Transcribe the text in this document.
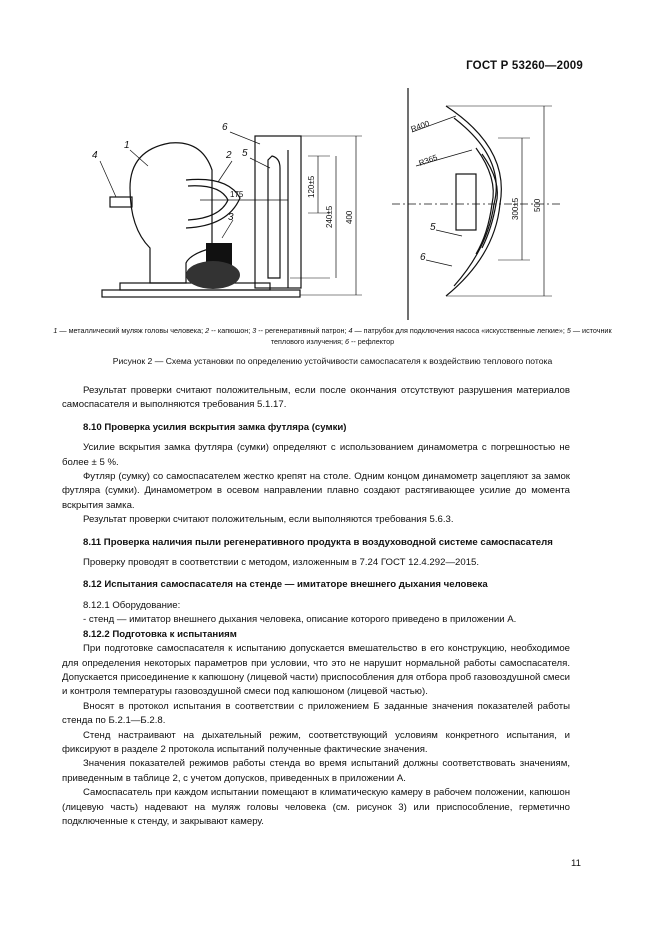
ГОСТ Р 53260—2009
4
1
2
3
5
6
5
6
175	120±5
240±5 400
R400
R365
300±5 500
1 — металлический муляж головы человека; 2 -- капюшон; 3 -- регенеративный патрон; 4 — патрубок для подключения насоса «искусственные легкие»; 5 — источник теплового излучения; 6 -- рефлектор
Рисунок 2 — Схема установки по определению устойчивости самоспасателя к воздействию теплового потока

Результат проверки считают положительным, если после окончания отсутствуют разрушения материалов самоспасателя и выполняются требования 5.1.17.

8.10 Проверка усилия вскрытия замка футляра (сумки)

Усилие вскрытия замка футляра (сумки) определяют с использованием динамометра с погрешностью не более ± 5 %.

Футляр (сумку) со самоспасателем жестко крепят на столе. Одним концом динамометр зацепляют за замок футляра (сумки). Динамометром в осевом направлении плавно создают растягивающее усилие до момента вскрытия замка.

Результат проверки считают положительным, если выполняются требования 5.6.3.

8.11 Проверка наличия пыли регенеративного продукта в воздуховодной системе самоспасателя

Проверку проводят в соответствии с методом, изложенным в 7.24 ГОСТ 12.4.292—2015.

8.12 Испытания самоспасателя на стенде — имитаторе внешнего дыхания человека

8.12.1 Оборудование:

- стенд — имитатор внешнего дыхания человека, описание которого приведено в приложении А.

8.12.2 Подготовка к испытаниям

При подготовке самоспасателя к испытанию допускается вмешательство в его конструкцию, необходимое для определения некоторых параметров при условии, что это не нарушит нормальной работы самоспасателя. Допускается присоединение к капюшону (лицевой части) приспособления для отбора проб газовоздушной смеси и контроля температуры газовоздушной смеси под капюшоном (лицевой частью).

Вносят в протокол испытания в соответствии с приложением Б заданные значения показателей работы стенда по Б.2.1—Б.2.8.

Стенд настраивают на дыхательный режим, соответствующий условиям конкретного испытания, и фиксируют в разделе 2 протокола испытаний полученные фактические значения.

Значения показателей режимов работы стенда во время испытаний должны соответствовать значениям, приведенным в таблице 2, с учетом допусков, приведенных в приложении А.

Самоспасатель при каждом испытании помещают в климатическую камеру в рабочем положении, капюшон (лицевую часть) надевают на муляж головы человека (см. рисунок 3) или приспособление, герметично подключенные к стенду, и закрывают камеру.

11
